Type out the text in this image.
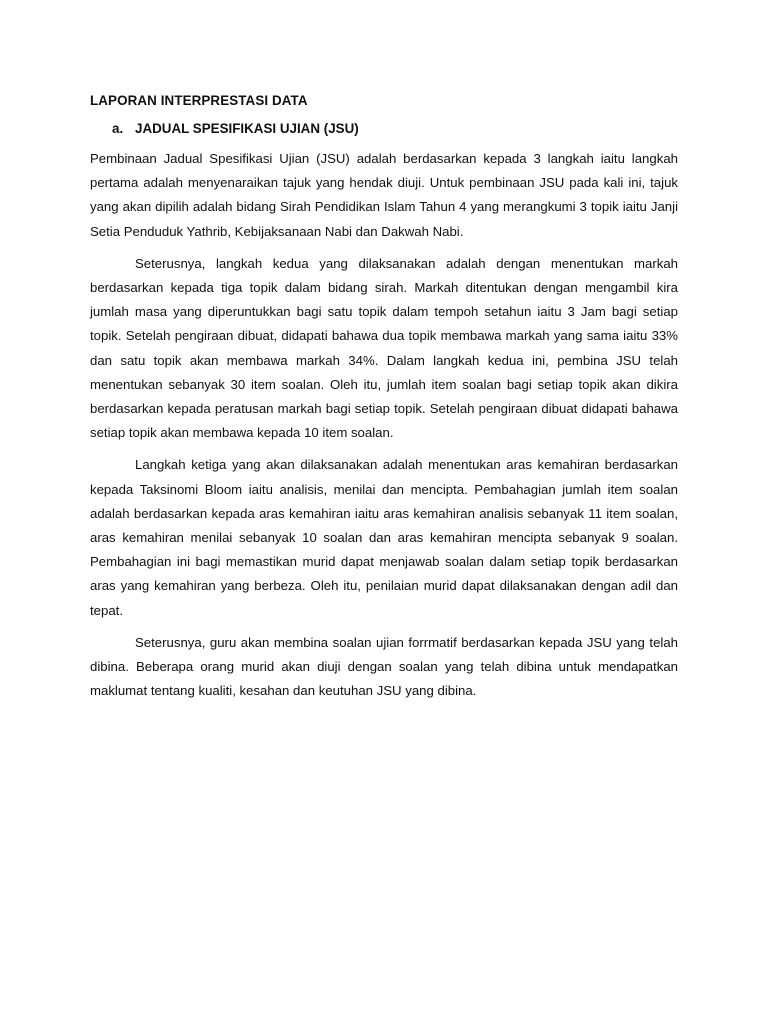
LAPORAN INTERPRESTASI DATA
a. JADUAL SPESIFIKASI UJIAN (JSU)

Pembinaan Jadual Spesifikasi Ujian (JSU) adalah berdasarkan kepada 3 langkah iaitu langkah pertama adalah menyenaraikan tajuk yang hendak diuji. Untuk pembinaan JSU pada kali ini, tajuk yang akan dipilih adalah bidang Sirah Pendidikan Islam Tahun 4 yang merangkumi 3 topik iaitu Janji Setia Penduduk Yathrib, Kebijaksanaan Nabi dan Dakwah Nabi.

Seterusnya, langkah kedua yang dilaksanakan adalah dengan menentukan markah berdasarkan kepada tiga topik dalam bidang sirah. Markah ditentukan dengan mengambil kira jumlah masa yang diperuntukkan bagi satu topik dalam tempoh setahun iaitu 3 Jam bagi setiap topik. Setelah pengiraan dibuat, didapati bahawa dua topik membawa markah yang sama iaitu 33% dan satu topik akan membawa markah 34%. Dalam langkah kedua ini, pembina JSU telah menentukan sebanyak 30 item soalan. Oleh itu, jumlah item soalan bagi setiap topik akan dikira berdasarkan kepada peratusan markah bagi setiap topik. Setelah pengiraan dibuat didapati bahawa setiap topik akan membawa kepada 10 item soalan.

Langkah ketiga yang akan dilaksanakan adalah menentukan aras kemahiran berdasarkan kepada Taksinomi Bloom iaitu analisis, menilai dan mencipta. Pembahagian jumlah item soalan adalah berdasarkan kepada aras kemahiran iaitu aras kemahiran analisis sebanyak 11 item soalan, aras kemahiran menilai sebanyak 10 soalan dan aras kemahiran mencipta sebanyak 9 soalan. Pembahagian ini bagi memastikan murid dapat menjawab soalan dalam setiap topik berdasarkan aras yang kemahiran yang berbeza. Oleh itu, penilaian murid dapat dilaksanakan dengan adil dan tepat.

Seterusnya, guru akan membina soalan ujian forrmatif berdasarkan kepada JSU yang telah dibina. Beberapa orang murid akan diuji dengan soalan yang telah dibina untuk mendapatkan maklumat tentang kualiti, kesahan dan keutuhan JSU yang dibina.
